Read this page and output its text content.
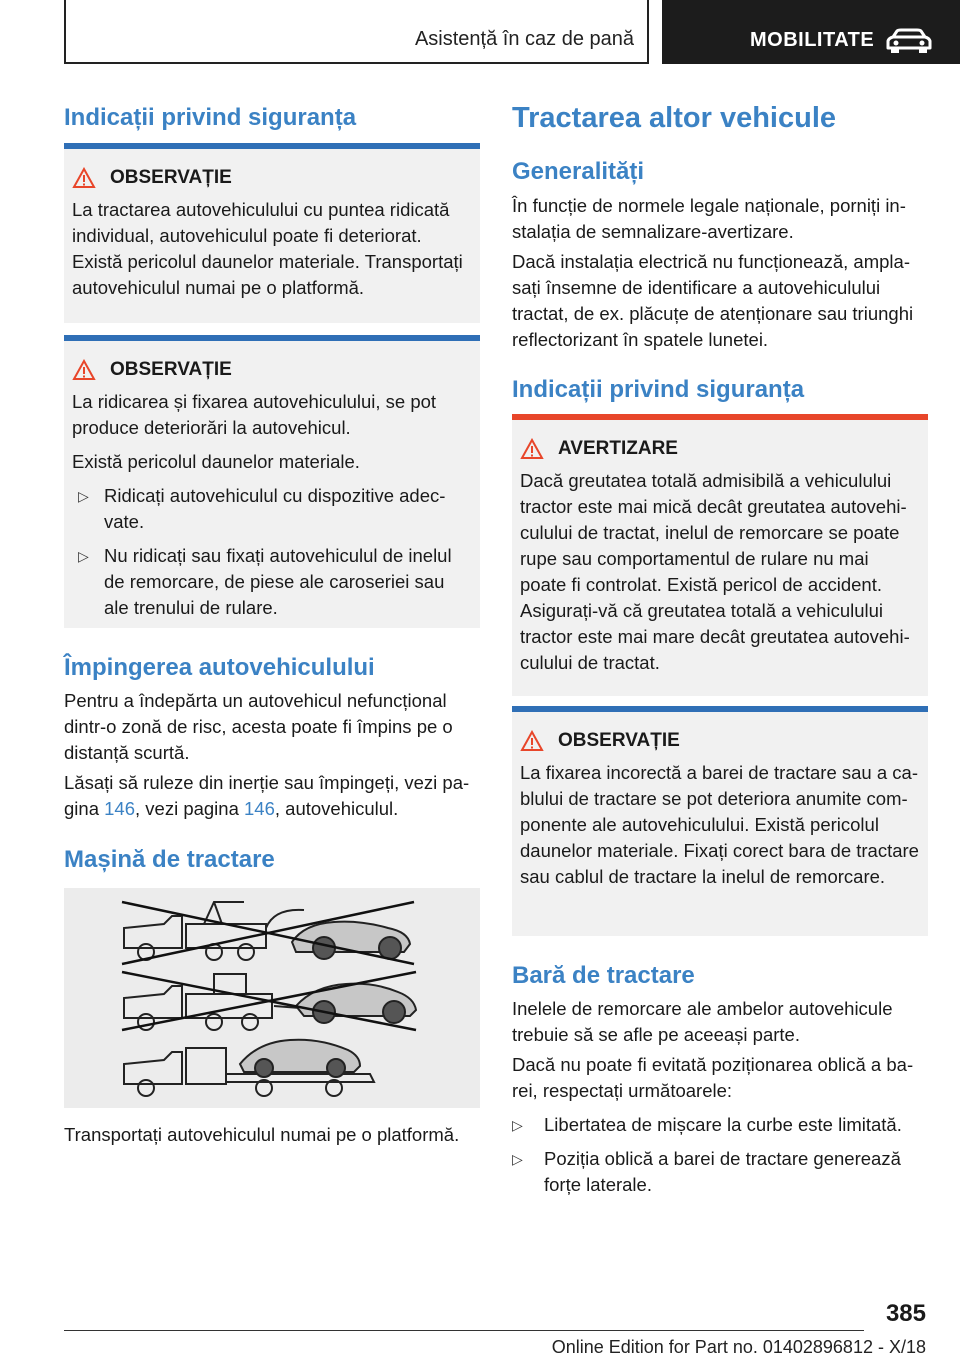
Asistență în caz de pană	MOBILITATE
Indicații privind siguranța
OBSERVAȚIE

La tractarea autovehiculului cu puntea ridicată individual, autovehiculul poate fi deteriorat. Există pericolul daunelor materiale. Transportați autovehiculul numai pe o platformă.

OBSERVAȚIE

La ridicarea și fixarea autovehiculului, se pot produce deteriorări la autovehicul.

Există pericolul daunelor materiale.

▷ Ridicați autovehiculul cu dispozitive adecvate.
▷ Nu ridicați sau fixați autovehiculul de inelul de remorcare, de piese ale caroseriei sau ale trenului de rulare.
Împingerea autovehiculului

Pentru a îndepărta un autovehicul nefuncțional dintr-o zonă de risc, acesta poate fi împins pe o distanță scurtă.

Lăsați să ruleze din inerție sau împingeți, vezi pagina 146, vezi pagina 146, autovehiculul.

Mașină de tractare

Transportați autovehiculul numai pe o platformă.

Tractarea altor vehicule
Generalități

În funcție de normele legale naționale, porniți instalația de semnalizare-avertizare.

Dacă instalația electrică nu funcționează, amplasați însemne de identificare a autovehiculului tractat, de ex. plăcuțe de atenționare sau triunghi reflectorizant în spatele lunetei.

Indicații privind siguranța
AVERTIZARE

Dacă greutatea totală admisibilă a vehiculului tractor este mai mică decât greutatea autovehiculului de tractat, inelul de remorcare se poate rupe sau comportamentul de rulare nu mai poate fi controlat. Există pericol de accident. Asigurați-vă că greutatea totală a vehiculului tractor este mai mare decât greutatea autovehiculului de tractat.

OBSERVAȚIE

La fixarea incorectă a barei de tractare sau a cablului de tractare se pot deteriora anumite componente ale autovehiculului. Există pericolul daunelor materiale. Fixați corect bara de tractare sau cablul de tractare la inelul de remorcare.

Bară de tractare

Inelele de remorcare ale ambelor autovehicule trebuie să se afle pe aceeași parte.

Dacă nu poate fi evitată poziționarea oblică a barei, respectați următoarele:

▷	Libertatea de mișcare la curbe este limitată.
▷	Poziția oblică a barei de tractare generează forțe laterale.
385
Online Edition for Part no. 01402896812 - X/18
